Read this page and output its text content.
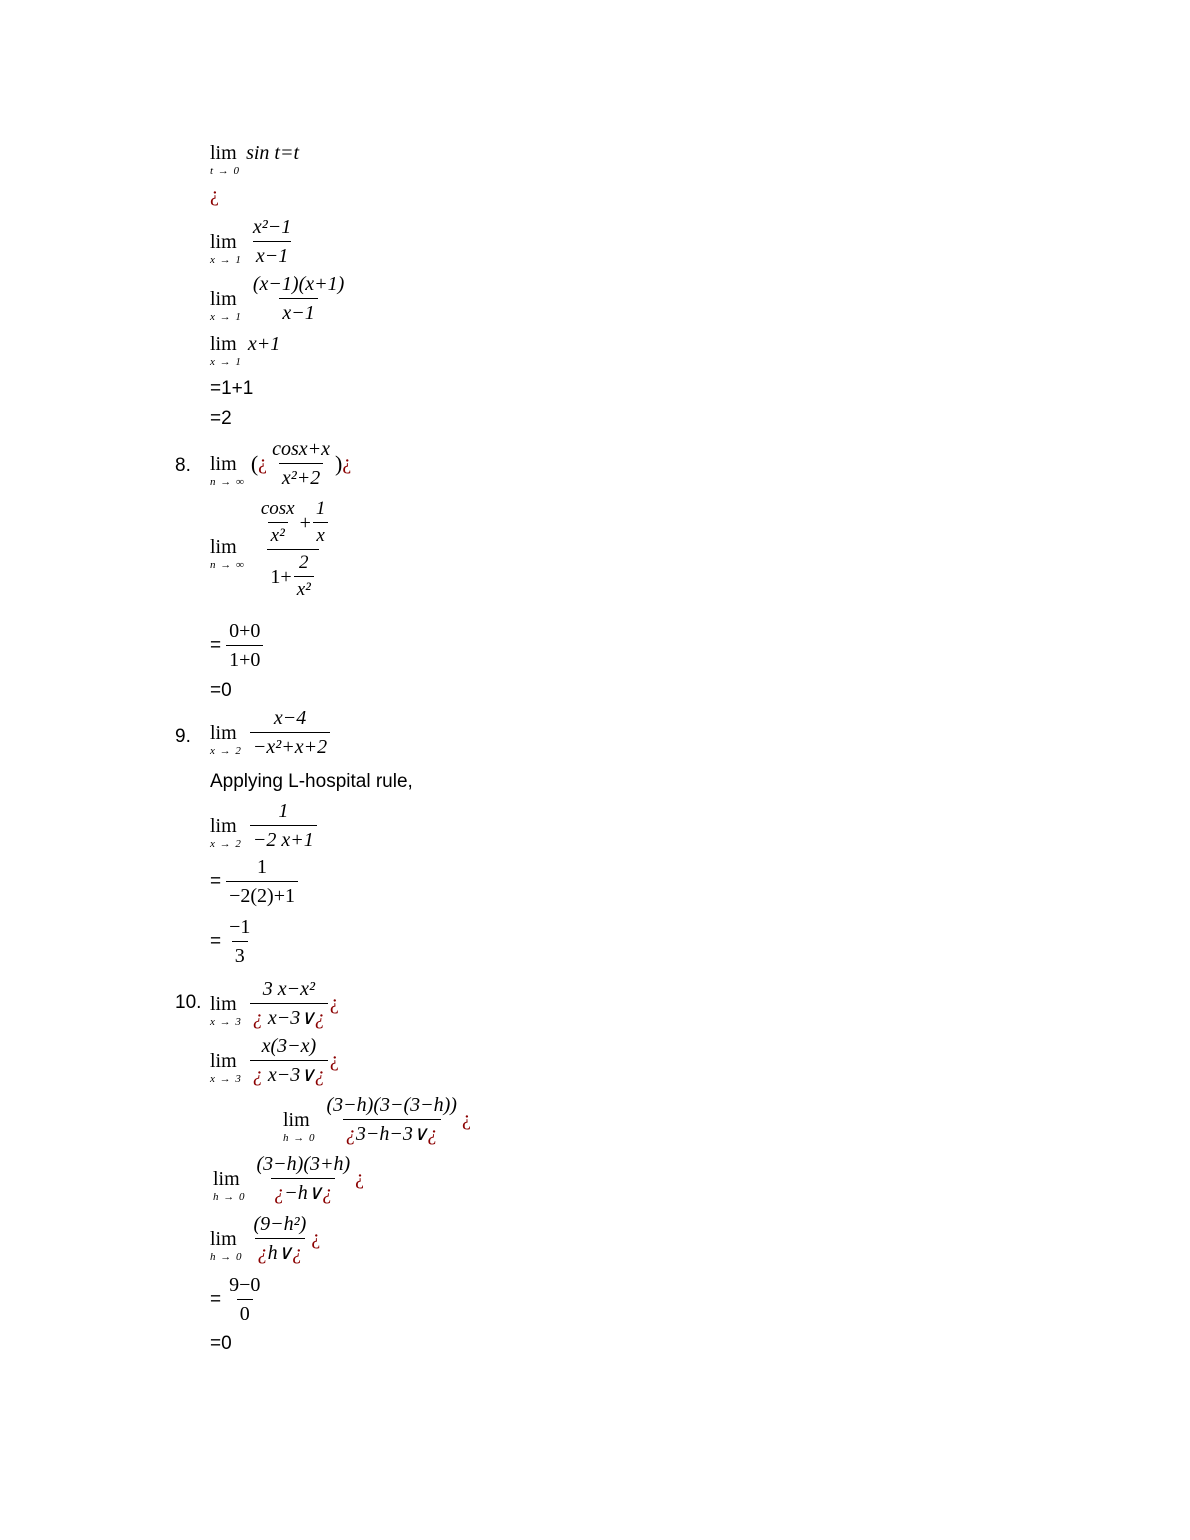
lim
t → 0
sin t=t
¿
lim
$x \to 1 \frac{\text{x²−1}}{x-1}$
lim
$x \to 1 \frac{(x-1)(x+1)}{x-1}$
lim
x → 1
x+1
=1+1
=2
8. lim
n → ∞
( ¿ $\frac{\cos x+x}{\text{x²+2}}$ ) ¿
lim
n → ∞ $\frac{\frac{\cos x}{\text{x²}} + \frac{1}{x}}{1+ \frac{2}{\text{x²}}}$
= $\frac{0+0}{1+0}$
=0
9. lim
$x \to 2 \frac{x-4}{\text{−x²+x+2}}$
Applying L-hospital rule,
lim
$x \to 2 \frac{1}{-2 x+1}$
= $\frac{1}{-2(2)+1}$
= $\frac{-1}{3}$
10. lim
$x \to 3 \frac{\text{3 x−x²}}{¿ x-3\vee¿}$ ¿
lim
$x \to 3 \frac{x(3-x)}{¿ x-3\vee¿}$ ¿
lim
$h \to 0 \frac{(3-h)(3-(3-h))}{¿3-h-3\vee¿}$ ¿
lim
$h \to 0 \frac{(3-h)(3+h)}{¿-h\vee¿}$ ¿
lim
$h \to 0 \frac{\text{(9−h²)}}{¿h\vee¿}$ ¿
= $\frac{9-0}{0}$
=0
